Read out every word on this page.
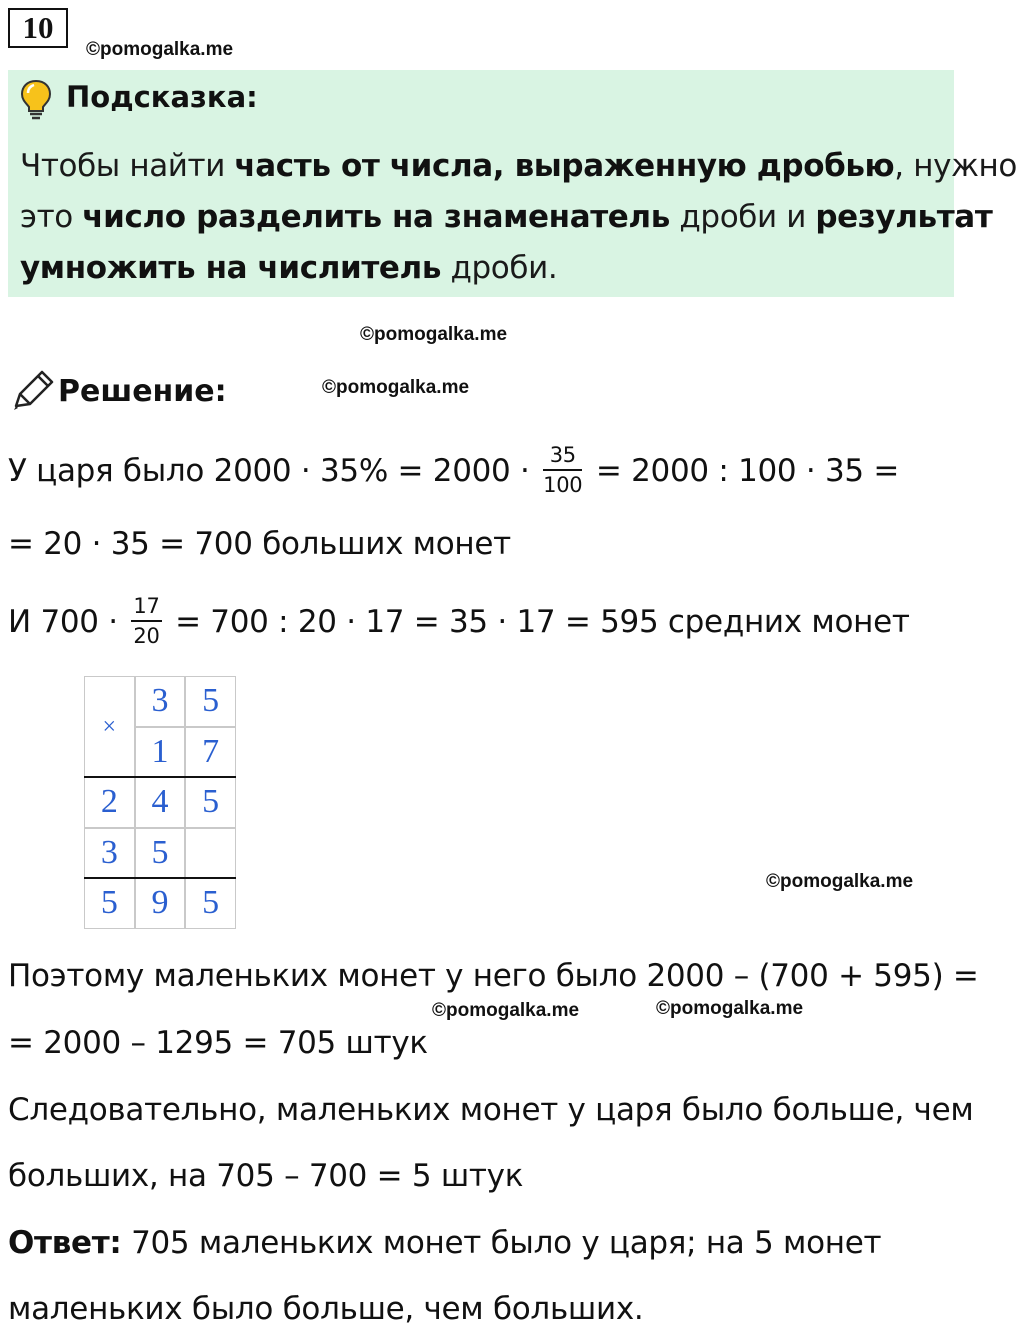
10
©pomogalka.me
Подсказка:
Чтобы найти часть от числа, выраженную дробью, нужно
это число разделить на знаменатель дроби и результат
умножить на числитель дроби.
©pomogalka.me
Решение:	©pomogalka.me
У царя было $2000 \cdot 35\% = 2000 \cdot \frac{35}{100} = 2000$ : 100 · 35 =
= 20 · 35 = 700 больших монет
И $700 \cdot \frac{17}{20} = 700$ : 20 · 17 = 35 · 17 = 595 средних монет
×
3 5
1 7
2 4 5
3 5
5 9 5
©pomogalka.me
Поэтому маленьких монет у него было 2000 – (700 + 595) =
©pomogalka.me	©pomogalka.me
= 2000 – 1295 = 705 штук
Следовательно, маленьких монет у царя было больше, чем
больших, на 705 – 700 = 5 штук
Ответ: 705 маленьких монет было у царя; на 5 монет
маленьких было больше, чем больших.
